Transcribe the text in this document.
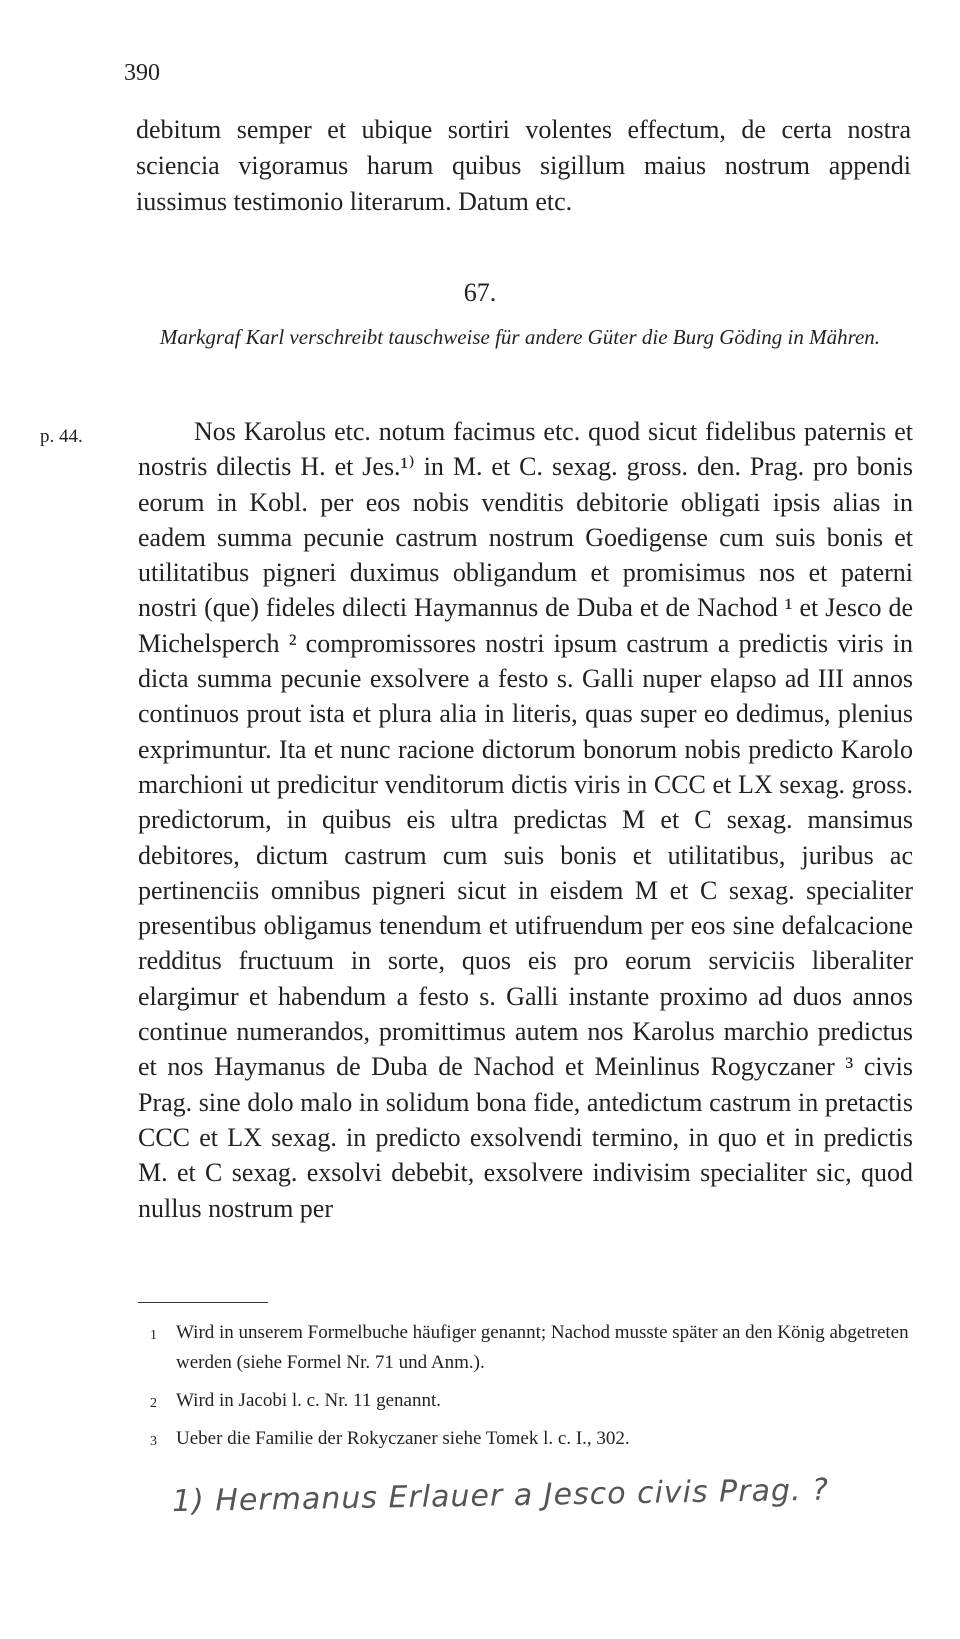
390
debitum semper et ubique sortiri volentes effectum, de certa nostra sciencia vigoramus harum quibus sigillum maius nostrum appendi iussimus testimonio literarum. Datum etc.
67.
Markgraf Karl verschreibt tauschweise für andere Güter die Burg Göding in Mähren.
p. 44.	Nos Karolus etc. notum facimus etc. quod sicut fidelibus paternis et nostris dilectis H. et Jes.¹⁾ in M. et C. sexag. gross. den. Prag. pro bonis eorum in Kobl. per eos nobis venditis debitorie obligati ipsis alias in eadem summa pecunie castrum nostrum Goedigense cum suis bonis et utilitatibus pigneri duximus obligandum et promisimus nos et paterni nostri (que) fideles dilecti Haymannus de Duba et de Nachod ¹ et Jesco de Michelsperch ² compromissores nostri ipsum castrum a predictis viris in dicta summa pecunie exsolvere a festo s. Galli nuper elapso ad III annos continuos prout ista et plura alia in literis, quas super eo dedimus, plenius exprimuntur. Ita et nunc racione dictorum bonorum nobis predicto Karolo marchioni ut predicitur venditorum dictis viris in CCC et LX sexag. gross. predictorum, in quibus eis ultra predictas M et C sexag. mansimus debitores, dictum castrum cum suis bonis et utilitatibus, juribus ac pertinenciis omnibus pigneri sicut in eisdem M et C sexag. specialiter presentibus obligamus tenendum et utifruendum per eos sine defalcacione redditus fructuum in sorte, quos eis pro eorum serviciis liberaliter elargimur et habendum a festo s. Galli instante proximo ad duos annos continue numerandos, promittimus autem nos Karolus marchio predictus et nos Haymanus de Duba de Nachod et Meinlinus Rogyczaner ³ civis Prag. sine dolo malo in solidum bona fide, antedictum castrum in pretactis CCC et LX sexag. in predicto exsolvendi termino, in quo et in predictis M. et C sexag. exsolvi debebit, exsolvere indivisim specialiter sic, quod nullus nostrum per

1	Wird in unserem Formelbuche häufiger genannt; Nachod musste später an den König abgetreten werden (siehe Formel Nr. 71 und Anm.).
2	Wird in Jacobi l. c. Nr. 11 genannt.
3	Ueber die Familie der Rokyczaner siehe Tomek l. c. I., 302.
1) Hermanus Erlauer a Jesco civis Prag. ?
